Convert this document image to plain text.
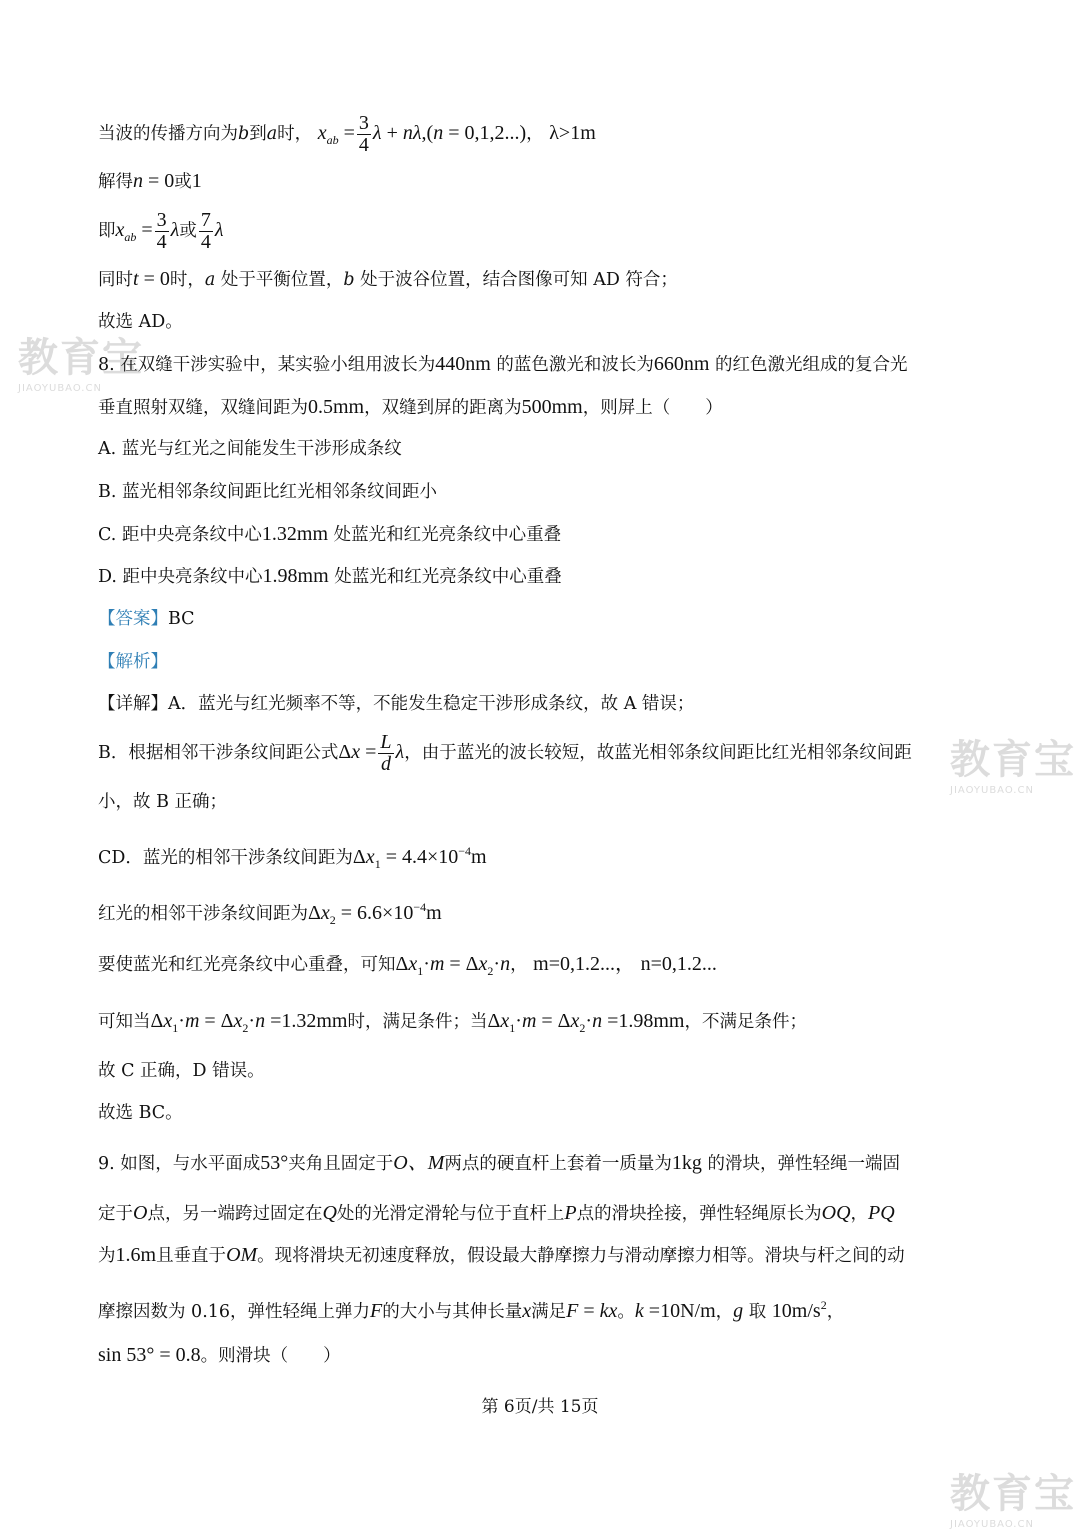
教育宝
JIAOYUBAO.CN
教育宝
JIAOYUBAO.CN
教育宝
JIAOYUBAO.CN
当波的传播方向为b到a时， $x_{ab} = \frac{3}{4}$ λ + nλ,(n = 0,1,2...)， λ>1m
解得n = 0或1
即$x_{ab} = \frac{3}{4}$ λ或 $\frac{7}{4}$ λ
同时t = 0时，a 处于平衡位置，b 处于波谷位置，结合图像可知 AD 符合；
故选 AD。
8. 在双缝干涉实验中，某实验小组用波长为440nm 的蓝色激光和波长为660nm 的红色激光组成的复合光
垂直照射双缝，双缝间距为0.5mm，双缝到屏的距离为500mm，则屏上（　　）
A. 蓝光与红光之间能发生干涉形成条纹
B. 蓝光相邻条纹间距比红光相邻条纹间距小
C. 距中央亮条纹中心1.32mm 处蓝光和红光亮条纹中心重叠
D. 距中央亮条纹中心1.98mm 处蓝光和红光亮条纹中心重叠
【答案】BC
【解析】
【详解】A．蓝光与红光频率不等，不能发生稳定干涉形成条纹，故 A 错误；
B．根据相邻干涉条纹间距公式$\Delta x = \frac{L}{d}$ λ，由于蓝光的波长较短，故蓝光相邻条纹间距比红光相邻条纹间距
小，故 B 正确；
CD．蓝光的相邻干涉条纹间距为$\Delta x_1 = 4.4\times 10^{-4}m$
红光的相邻干涉条纹间距为$\Delta x_2 = 6.6\times 10^{-4}m$
要使蓝光和红光亮条纹中心重叠，可知$\Delta x_1\cdot m = \Delta x_2\cdot n$， m=0,1.2...， n=0,1.2...
可知当$\Delta x_1\cdot m = \Delta x_2\cdot n =1.32mm$时，满足条件；当$\Delta x_1\cdot m = \Delta x_2\cdot n =1.98mm$，不满足条件；
故 C 正确，D 错误。
故选 BC。
9. 如图，与水平面成53°夹角且固定于O、M两点的硬直杆上套着一质量为1kg 的滑块，弹性轻绳一端固
定于O点，另一端跨过固定在Q处的光滑定滑轮与位于直杆上P点的滑块拴接，弹性轻绳原长为OQ，PQ
为1.6m且垂直于OM。现将滑块无初速度释放，假设最大静摩擦力与滑动摩擦力相等。滑块与杆之间的动
摩擦因数为 0.16，弹性轻绳上弹力F的大小与其伸长量x满足F = kx。k =10N/m，g 取 $10m/s^2$，
sin 53° = 0.8。则滑块（　　）
第 6页/共 15页
